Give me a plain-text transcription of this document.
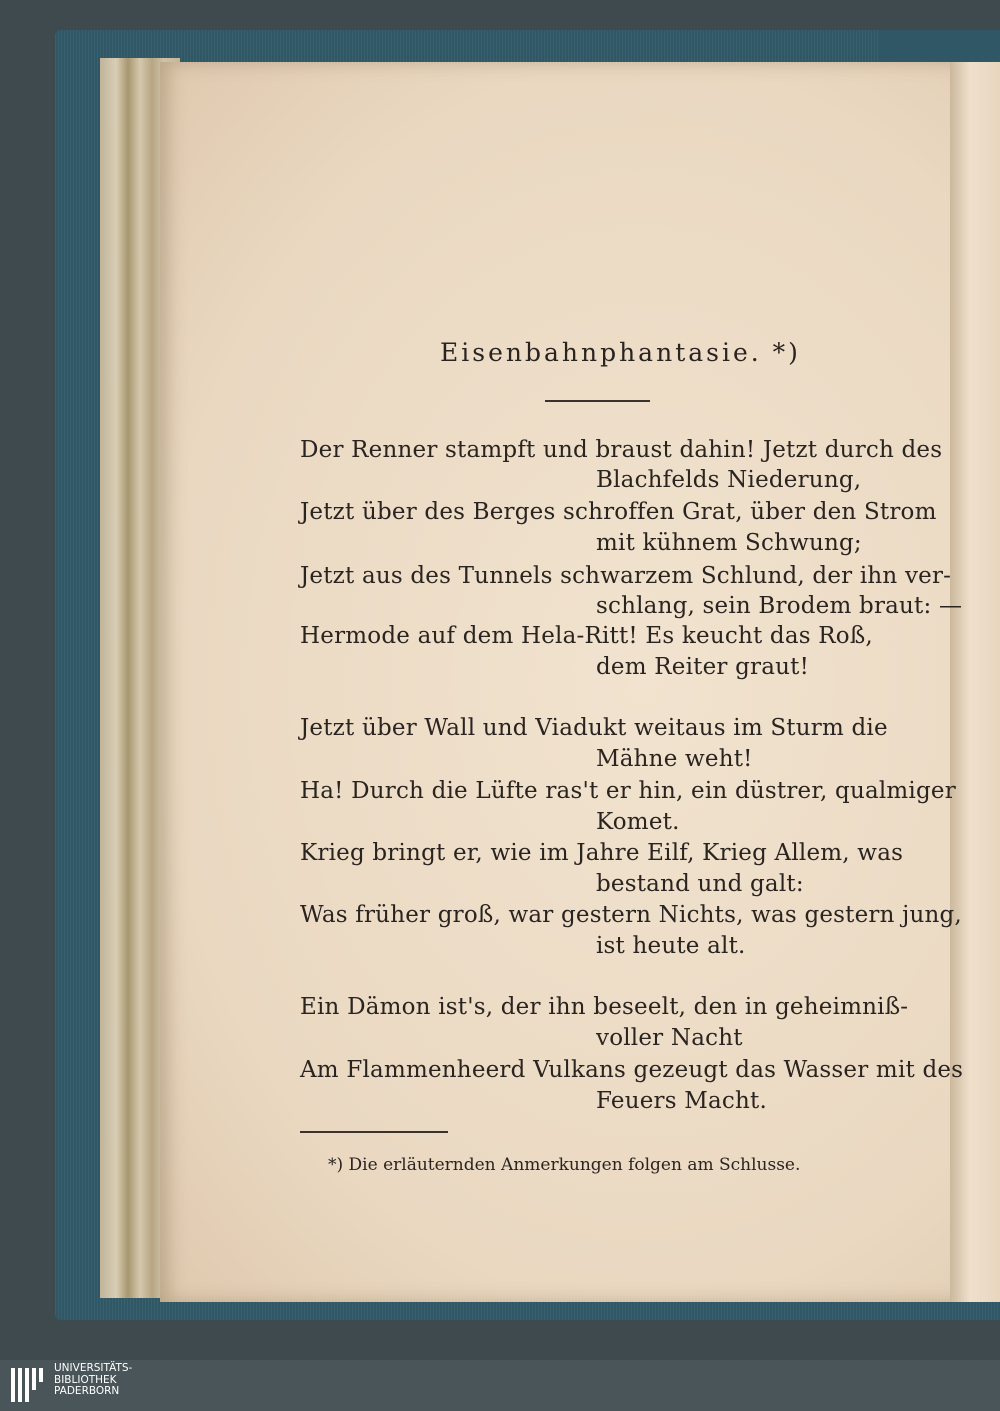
Eisenbahnphantasie. *)
Der Renner stampft und braust dahin! Jetzt durch des
Blachfelds Niederung,
Jetzt über des Berges schroffen Grat, über den Strom
mit kühnem Schwung;
Jetzt aus des Tunnels schwarzem Schlund, der ihn ver-
schlang, sein Brodem braut: —
Hermode auf dem Hela-Ritt! Es keucht das Roß,
dem Reiter graut!
Jetzt über Wall und Viadukt weitaus im Sturm die
Mähne weht!
Ha! Durch die Lüfte ras't er hin, ein düstrer, qualmiger
Komet.
Krieg bringt er, wie im Jahre Eilf, Krieg Allem, was
bestand und galt:
Was früher groß, war gestern Nichts, was gestern jung,
ist heute alt.
Ein Dämon ist's, der ihn beseelt, den in geheimniß-
voller Nacht
Am Flammenheerd Vulkans gezeugt das Wasser mit des
Feuers Macht.
*) Die erläuternden Anmerkungen folgen am Schlusse.
UNIVERSITÄTS-
BIBLIOTHEK
PADERBORN
